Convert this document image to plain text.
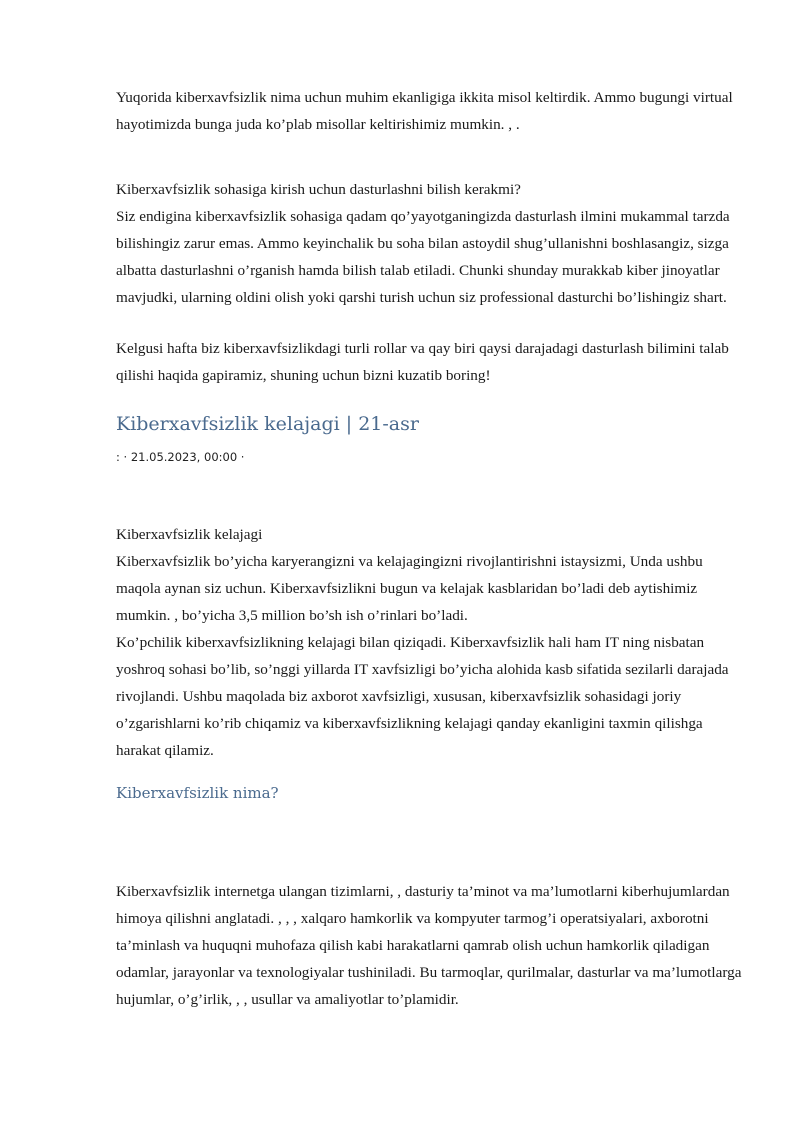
Yuqorida kiberxavfsizlik nima uchun muhim ekanligiga ikkita misol keltirdik. Ammo bugungi virtual hayotimizda bunga juda ko’plab misollar keltirishimiz mumkin. , .

Kiberxavfsizlik sohasiga kirish uchun dasturlashni bilish kerakmi?

Siz endigina kiberxavfsizlik sohasiga qadam qo’yayotganingizda dasturlash ilmini mukammal tarzda bilishingiz zarur emas. Ammo keyinchalik bu soha bilan astoydil shug’ullanishni boshlasangiz, sizga albatta dasturlashni o’rganish hamda bilish talab etiladi. Chunki shunday murakkab kiber jinoyatlar mavjudki, ularning oldini olish yoki qarshi turish uchun siz professional dasturchi bo’lishingiz shart.

Kelgusi hafta biz kiberxavfsizlikdagi turli rollar va qay biri qaysi darajadagi dasturlash bilimini talab qilishi haqida gapiramiz, shuning uchun bizni kuzatib boring!

Kiberxavfsizlik kelajagi | 21-asr
: · 21.05.2023, 00:00 ·

Kiberxavfsizlik kelajagi

Kiberxavfsizlik bo’yicha karyerangizni va kelajagingizni rivojlantirishni istaysizmi, Unda ushbu maqola aynan siz uchun. Kiberxavfsizlikni bugun va kelajak kasblaridan bo’ladi deb aytishimiz mumkin. , bo’yicha 3,5 million bo’sh ish o’rinlari bo’ladi.

Ko’pchilik kiberxavfsizlikning kelajagi bilan qiziqadi. Kiberxavfsizlik hali ham IT ning nisbatan yoshroq sohasi bo’lib, so’nggi yillarda IT xavfsizligi bo’yicha alohida kasb sifatida sezilarli darajada rivojlandi. Ushbu maqolada biz axborot xavfsizligi, xususan, kiberxavfsizlik sohasidagi joriy o’zgarishlarni ko’rib chiqamiz va kiberxavfsizlikning kelajagi qanday ekanligini taxmin qilishga harakat qilamiz.

Kiberxavfsizlik nima?

Kiberxavfsizlik internetga ulangan tizimlarni, , dasturiy ta’minot va ma’lumotlarni kiberhujumlardan himoya qilishni anglatadi. , , , xalqaro hamkorlik va kompyuter tarmog’i operatsiyalari, axborotni ta’minlash va huquqni muhofaza qilish kabi harakatlarni qamrab olish uchun hamkorlik qiladigan odamlar, jarayonlar va texnologiyalar tushiniladi. Bu tarmoqlar, qurilmalar, dasturlar va ma’lumotlarga hujumlar, o’g’irlik, , , usullar va amaliyotlar to’plamidir.
